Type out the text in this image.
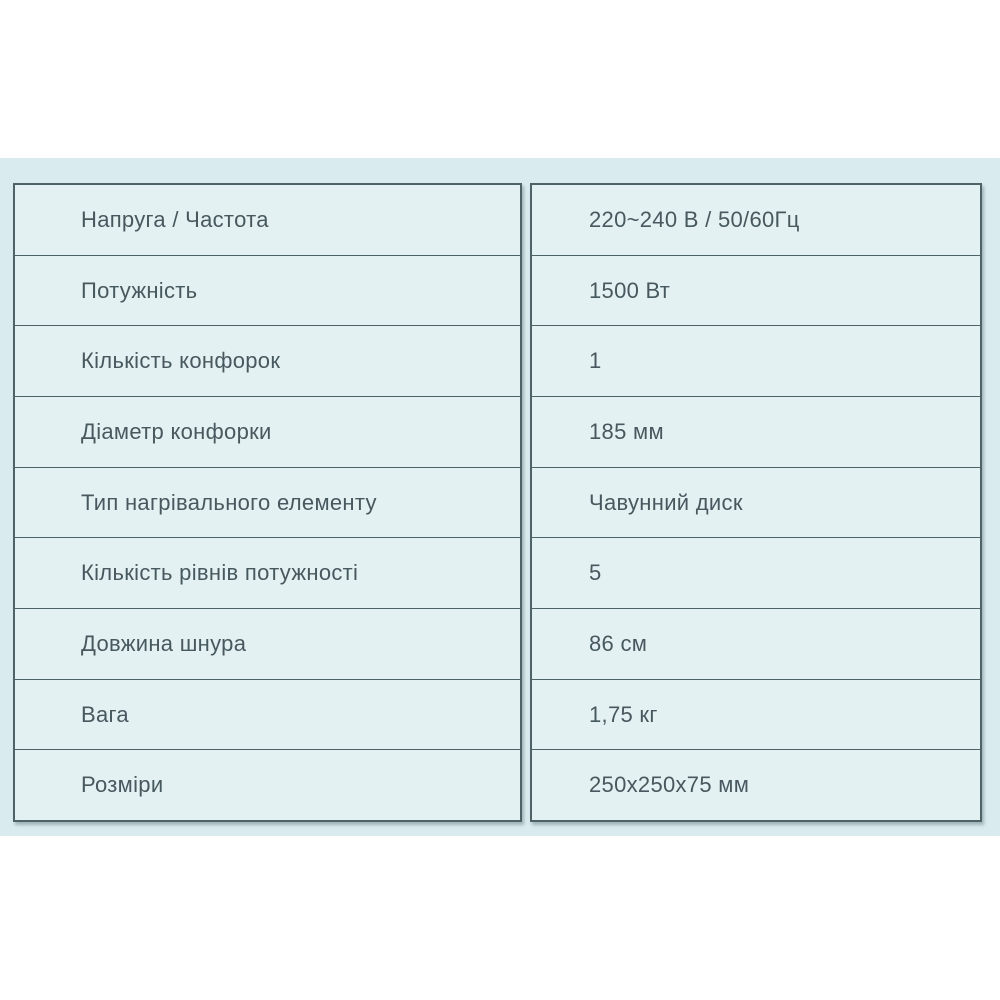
Напруга / Частота
Потужність
Кількість конфорок
Діаметр конфорки
Тип нагрівального елементу
Кількість рівнів потужності
Довжина шнура
Вага
Розміри
220~240 В / 50/60Гц
1500 Вт
1
185 мм
Чавунний диск
5
86 см
1,75 кг
250x250x75 мм
